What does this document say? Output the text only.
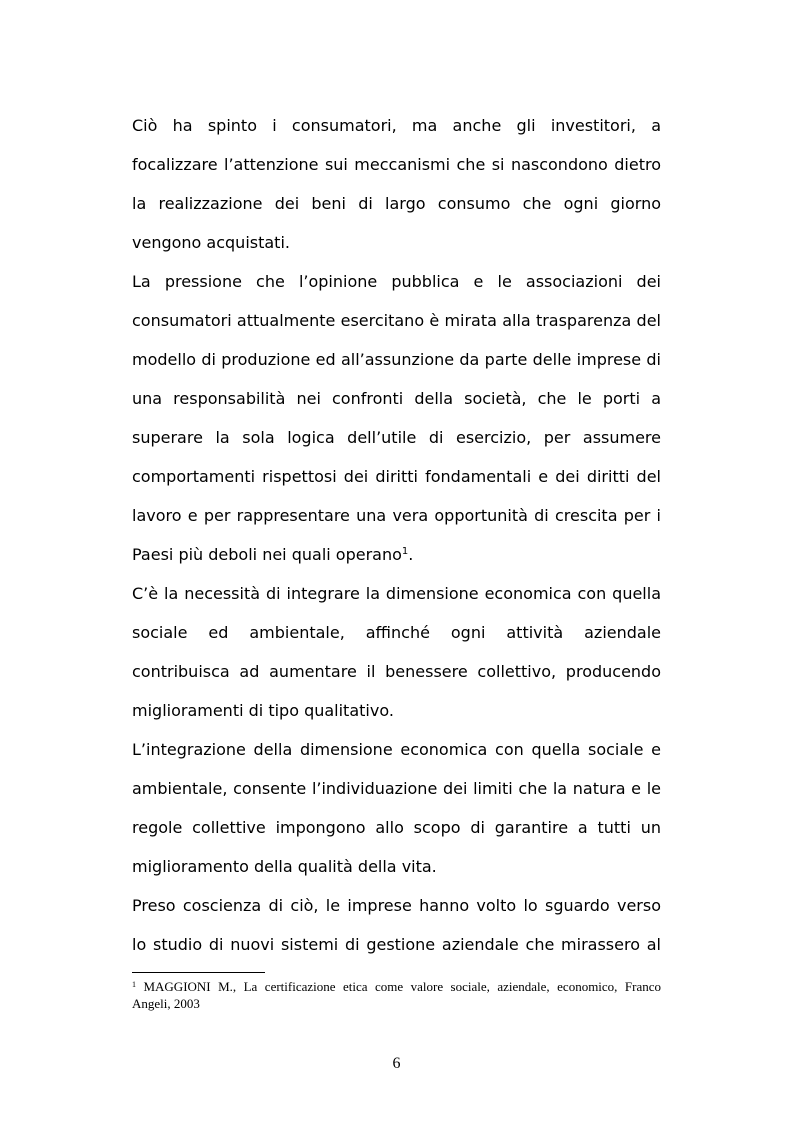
Ciò ha spinto i consumatori, ma anche gli investitori, a
focalizzare l’attenzione sui meccanismi che si nascondono dietro
la realizzazione dei beni di largo consumo che ogni giorno
vengono acquistati.
La pressione che l’opinione pubblica e le associazioni dei
consumatori attualmente esercitano è mirata alla trasparenza del
modello di produzione ed all’assunzione da parte delle imprese di
una responsabilità nei confronti della società, che le porti a
superare la sola logica dell’utile di esercizio, per assumere
comportamenti rispettosi dei diritti fondamentali e dei diritti del
lavoro e per rappresentare una vera opportunità di crescita per i
Paesi più deboli nei quali operano$^1$.
C’è la necessità di integrare la dimensione economica con quella
sociale ed ambientale, affinché ogni attività aziendale
contribuisca ad aumentare il benessere collettivo, producendo
miglioramenti di tipo qualitativo.
L’integrazione della dimensione economica con quella sociale e
ambientale, consente l’individuazione dei limiti che la natura e le
regole collettive impongono allo scopo di garantire a tutti un
miglioramento della qualità della vita.
Preso coscienza di ciò, le imprese hanno volto lo sguardo verso
lo studio di nuovi sistemi di gestione aziendale che mirassero al
$^1$ MAGGIONI M., La certificazione etica come valore sociale, aziendale, economico, Franco
Angeli, 2003
6
